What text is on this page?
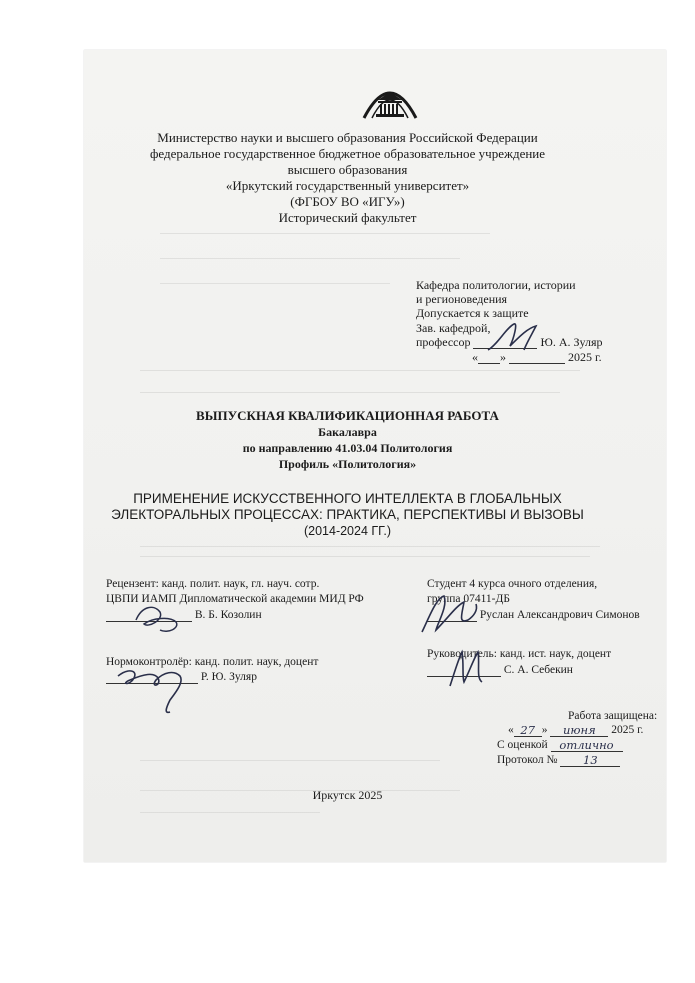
Министерство науки и высшего образования Российской Федерации
федеральное государственное бюджетное образовательное учреждение
высшего образования
«Иркутский государственный университет»
(ФГБОУ ВО «ИГУ»)
Исторический факультет
Кафедра политологии, истории
и регионоведения
Допускается к защите
Зав. кафедрой,
профессор	Ю. А. Зуляр
« »	2025 г.
ВЫПУСКНАЯ КВАЛИФИКАЦИОННАЯ РАБОТА
Бакалавра
по направлению 41.03.04 Политология
Профиль «Политология»
ПРИМЕНЕНИЕ ИСКУССТВЕННОГО ИНТЕЛЛЕКТА В ГЛОБАЛЬНЫХ
ЭЛЕКТОРАЛЬНЫХ ПРОЦЕССАХ: ПРАКТИКА, ПЕРСПЕКТИВЫ И ВЫЗОВЫ
(2014-2024 ГГ.)
Рецензент: канд. полит. наук, гл. науч. сотр.
ЦВПИ ИАМП Дипломатической академии МИД РФ
В. Б. Козолин
Студент 4 курса очного отделения,
группа 07411-ДБ
Руслан Александрович Симонов
Нормоконтролёр: канд. полит. наук, доцент
Р. Ю. Зуляр
Руководитель: канд. ист. наук, доцент
С. А. Себекин
Работа защищена:
« 27 » июня 2025 г.
С оценкой отлично
Протокол № 13
Иркутск 2025
